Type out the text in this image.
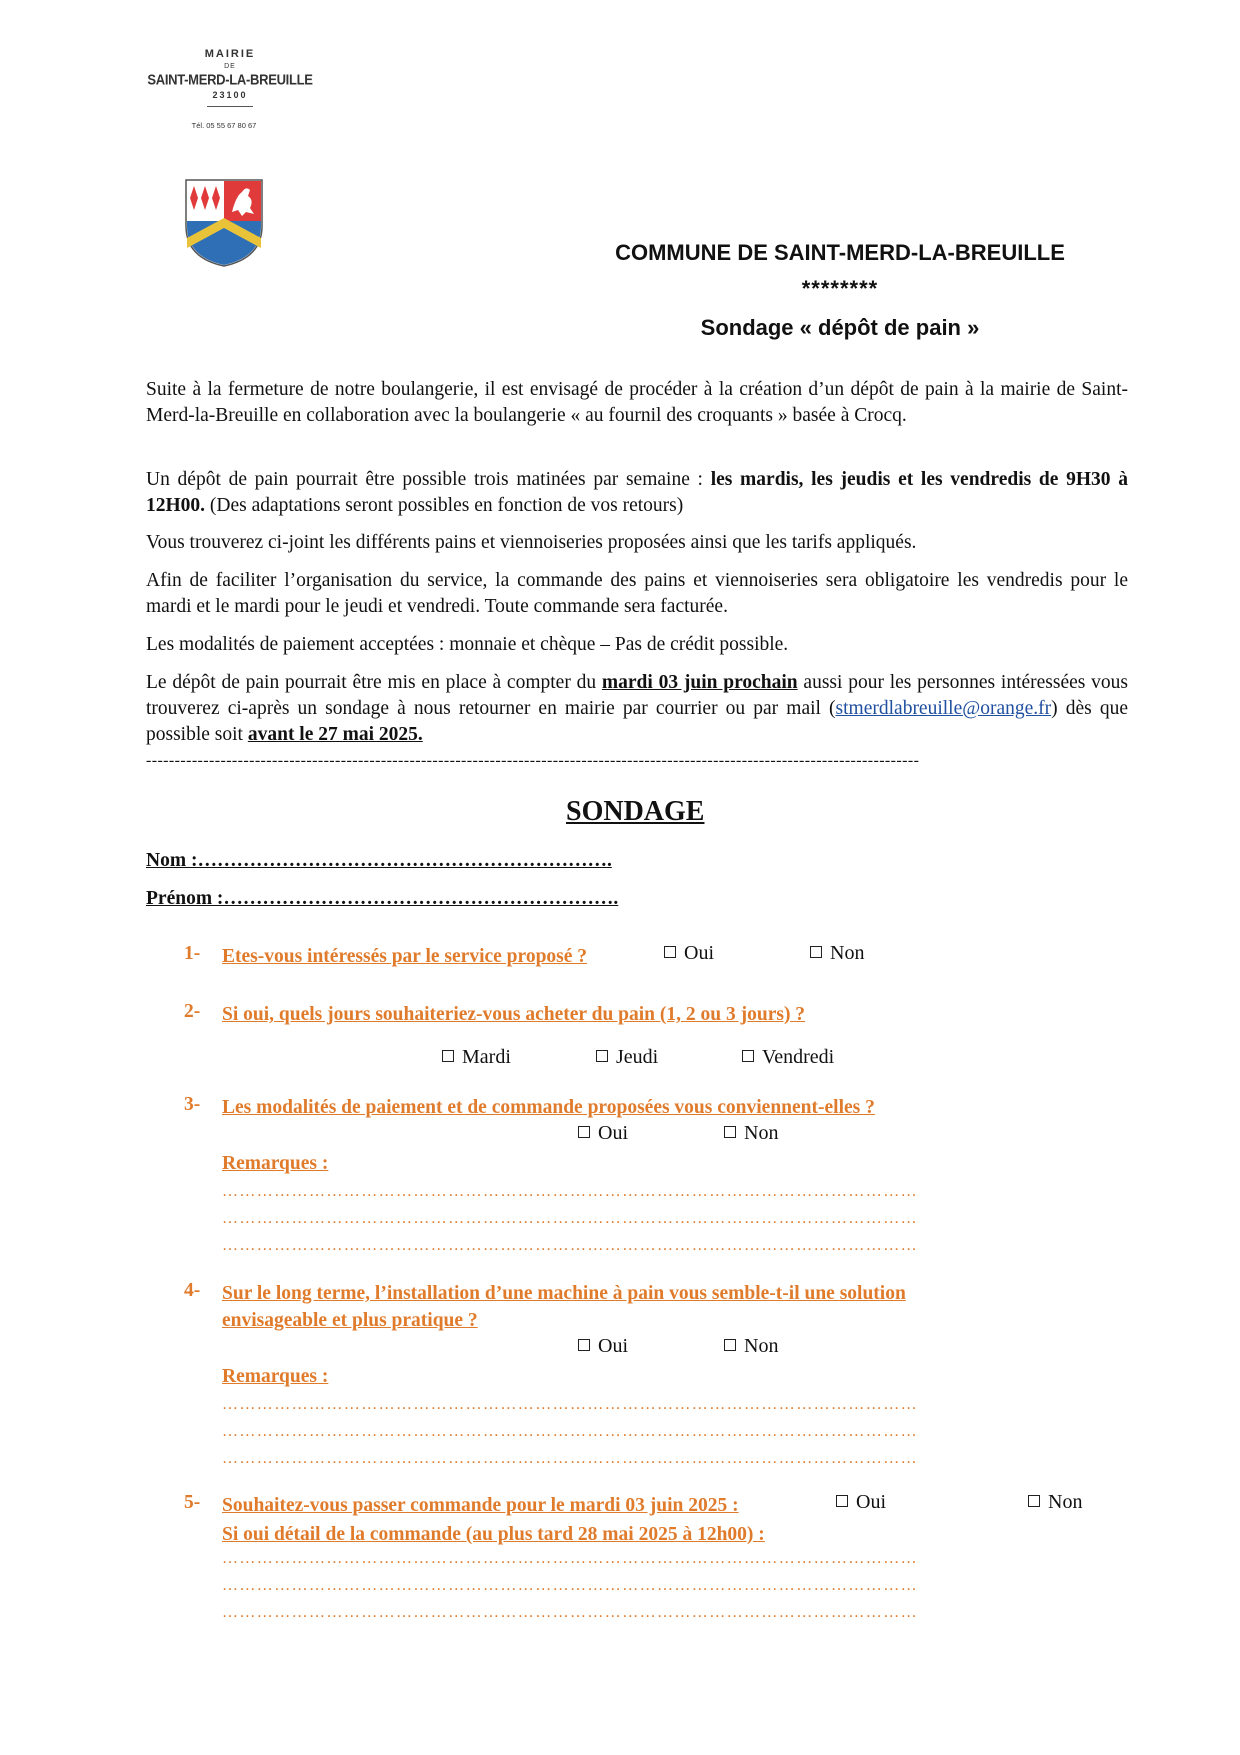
MAIRIE
DE
SAINT-MERD-LA-BREUILLE
23100
Tél. 05 55 67 80 67
COMMUNE DE SAINT-MERD-LA-BREUILLE
********
Sondage « dépôt de pain »
Suite à la fermeture de notre boulangerie, il est envisagé de procéder à la création d’un dépôt de pain à la mairie de Saint-Merd-la-Breuille en collaboration avec la boulangerie « au fournil des croquants » basée à Crocq.
Un dépôt de pain pourrait être possible trois matinées par semaine : les mardis, les jeudis et les vendredis de 9H30 à 12H00. (Des adaptations seront possibles en fonction de vos retours)
Vous trouverez ci-joint les différents pains et viennoiseries proposées ainsi que les tarifs appliqués.
Afin de faciliter l’organisation du service, la commande des pains et viennoiseries sera obligatoire les vendredis pour le mardi et le mardi pour le jeudi et vendredi. Toute commande sera facturée.
Les modalités de paiement acceptées : monnaie et chèque – Pas de crédit possible.
Le dépôt de pain pourrait être mis en place à compter du mardi 03 juin prochain aussi pour les personnes intéressées vous trouverez ci-après un sondage à nous retourner en mairie par courrier ou par mail (stmerdlabreuille@orange.fr) dès que possible soit avant le 27 mai 2025.
---------------------------------------------------------------------------------------------------------------------------------------
SONDAGE
Nom :……………………………………………………….
Prénom :…………………………………………………….
1- Etes-vous intéressés par le service proposé ?	Oui	Non
2- Si oui, quels jours souhaiteriez-vous acheter du pain (1, 2 ou 3 jours) ?
Mardi	Jeudi	Vendredi
3- Les modalités de paiement et de commande proposées vous conviennent-elles ?
Oui	Non
Remarques :
…………………………………………………………………………………………………………
…………………………………………………………………………………………………………
…………………………………………………………………………………………………………
4- Sur le long terme, l’installation d’une machine à pain vous semble-t-il une solution
envisageable et plus pratique ?
Oui	Non
Remarques :
…………………………………………………………………………………………………………
…………………………………………………………………………………………………………
…………………………………………………………………………………………………………
5- Souhaitez-vous passer commande pour le mardi 03 juin 2025 :	Oui	Non
Si oui détail de la commande (au plus tard 28 mai 2025 à 12h00) :
…………………………………………………………………………………………………………
…………………………………………………………………………………………………………
…………………………………………………………………………………………………………
